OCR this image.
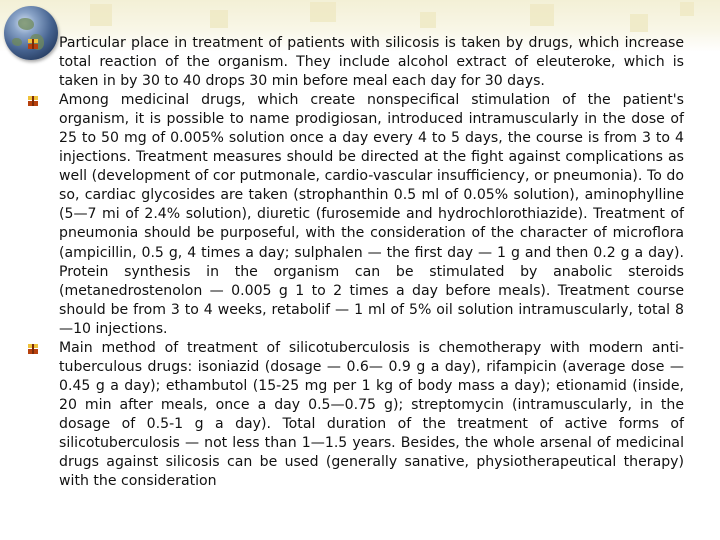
Particular place in treatment of patients with silicosis is taken by drugs, which increase total reaction of the organism. They include alcohol extract of eleuteroke, which is taken in by 30 to 40 drops 30 min before meal each day for 30 days.

Among medicinal drugs, which create nonspecifical stimulation of the patient's organism, it is possible to name prodigiosan, introduced intramuscularly in the dose of 25 to 50 mg of 0.005% solution once a day every 4 to 5 days, the course is from 3 to 4 injections. Treatment measures should be directed at the fight against complications as well (development of cor putmonale, cardio-vascular insufficiency, or pneumonia). To do so, cardiac glycosides are taken (strophanthin 0.5 ml of 0.05% solution), aminophylline (5—7 mi of 2.4% solution), diuretic (furosemide and hydrochlorothiazide). Treatment of pneumonia should be purposeful, with the consideration of the character of microflora (ampicillin, 0.5 g, 4 times a day; sulphalen — the first day — 1 g and then 0.2 g a day). Protein synthesis in the organism can be stimulated by anabolic steroids (metanedrostenolon — 0.005 g 1 to 2 times a day before meals). Treatment course should be from 3 to 4 weeks, retabolif — 1 ml of 5% oil solution intramuscularly, total 8—10 injections.

Main method of treatment of silicotuberculosis is chemotherapy with modern anti-tuberculous drugs: isoniazid (dosage — 0.6— 0.9 g a day), rifampicin (average dose — 0.45 g a day); ethambutol (15-25 mg per 1 kg of body mass a day); etionamid (inside, 20 min after meals, once a day 0.5—0.75 g); streptomycin (intramuscularly, in the dosage of 0.5-1 g a day). Total duration of the treatment of active forms of silicotuberculosis — not less than 1—1.5 years. Besides, the whole arsenal of medicinal drugs against silicosis can be used (generally sanative, physiotherapeutical therapy) with the consideration
